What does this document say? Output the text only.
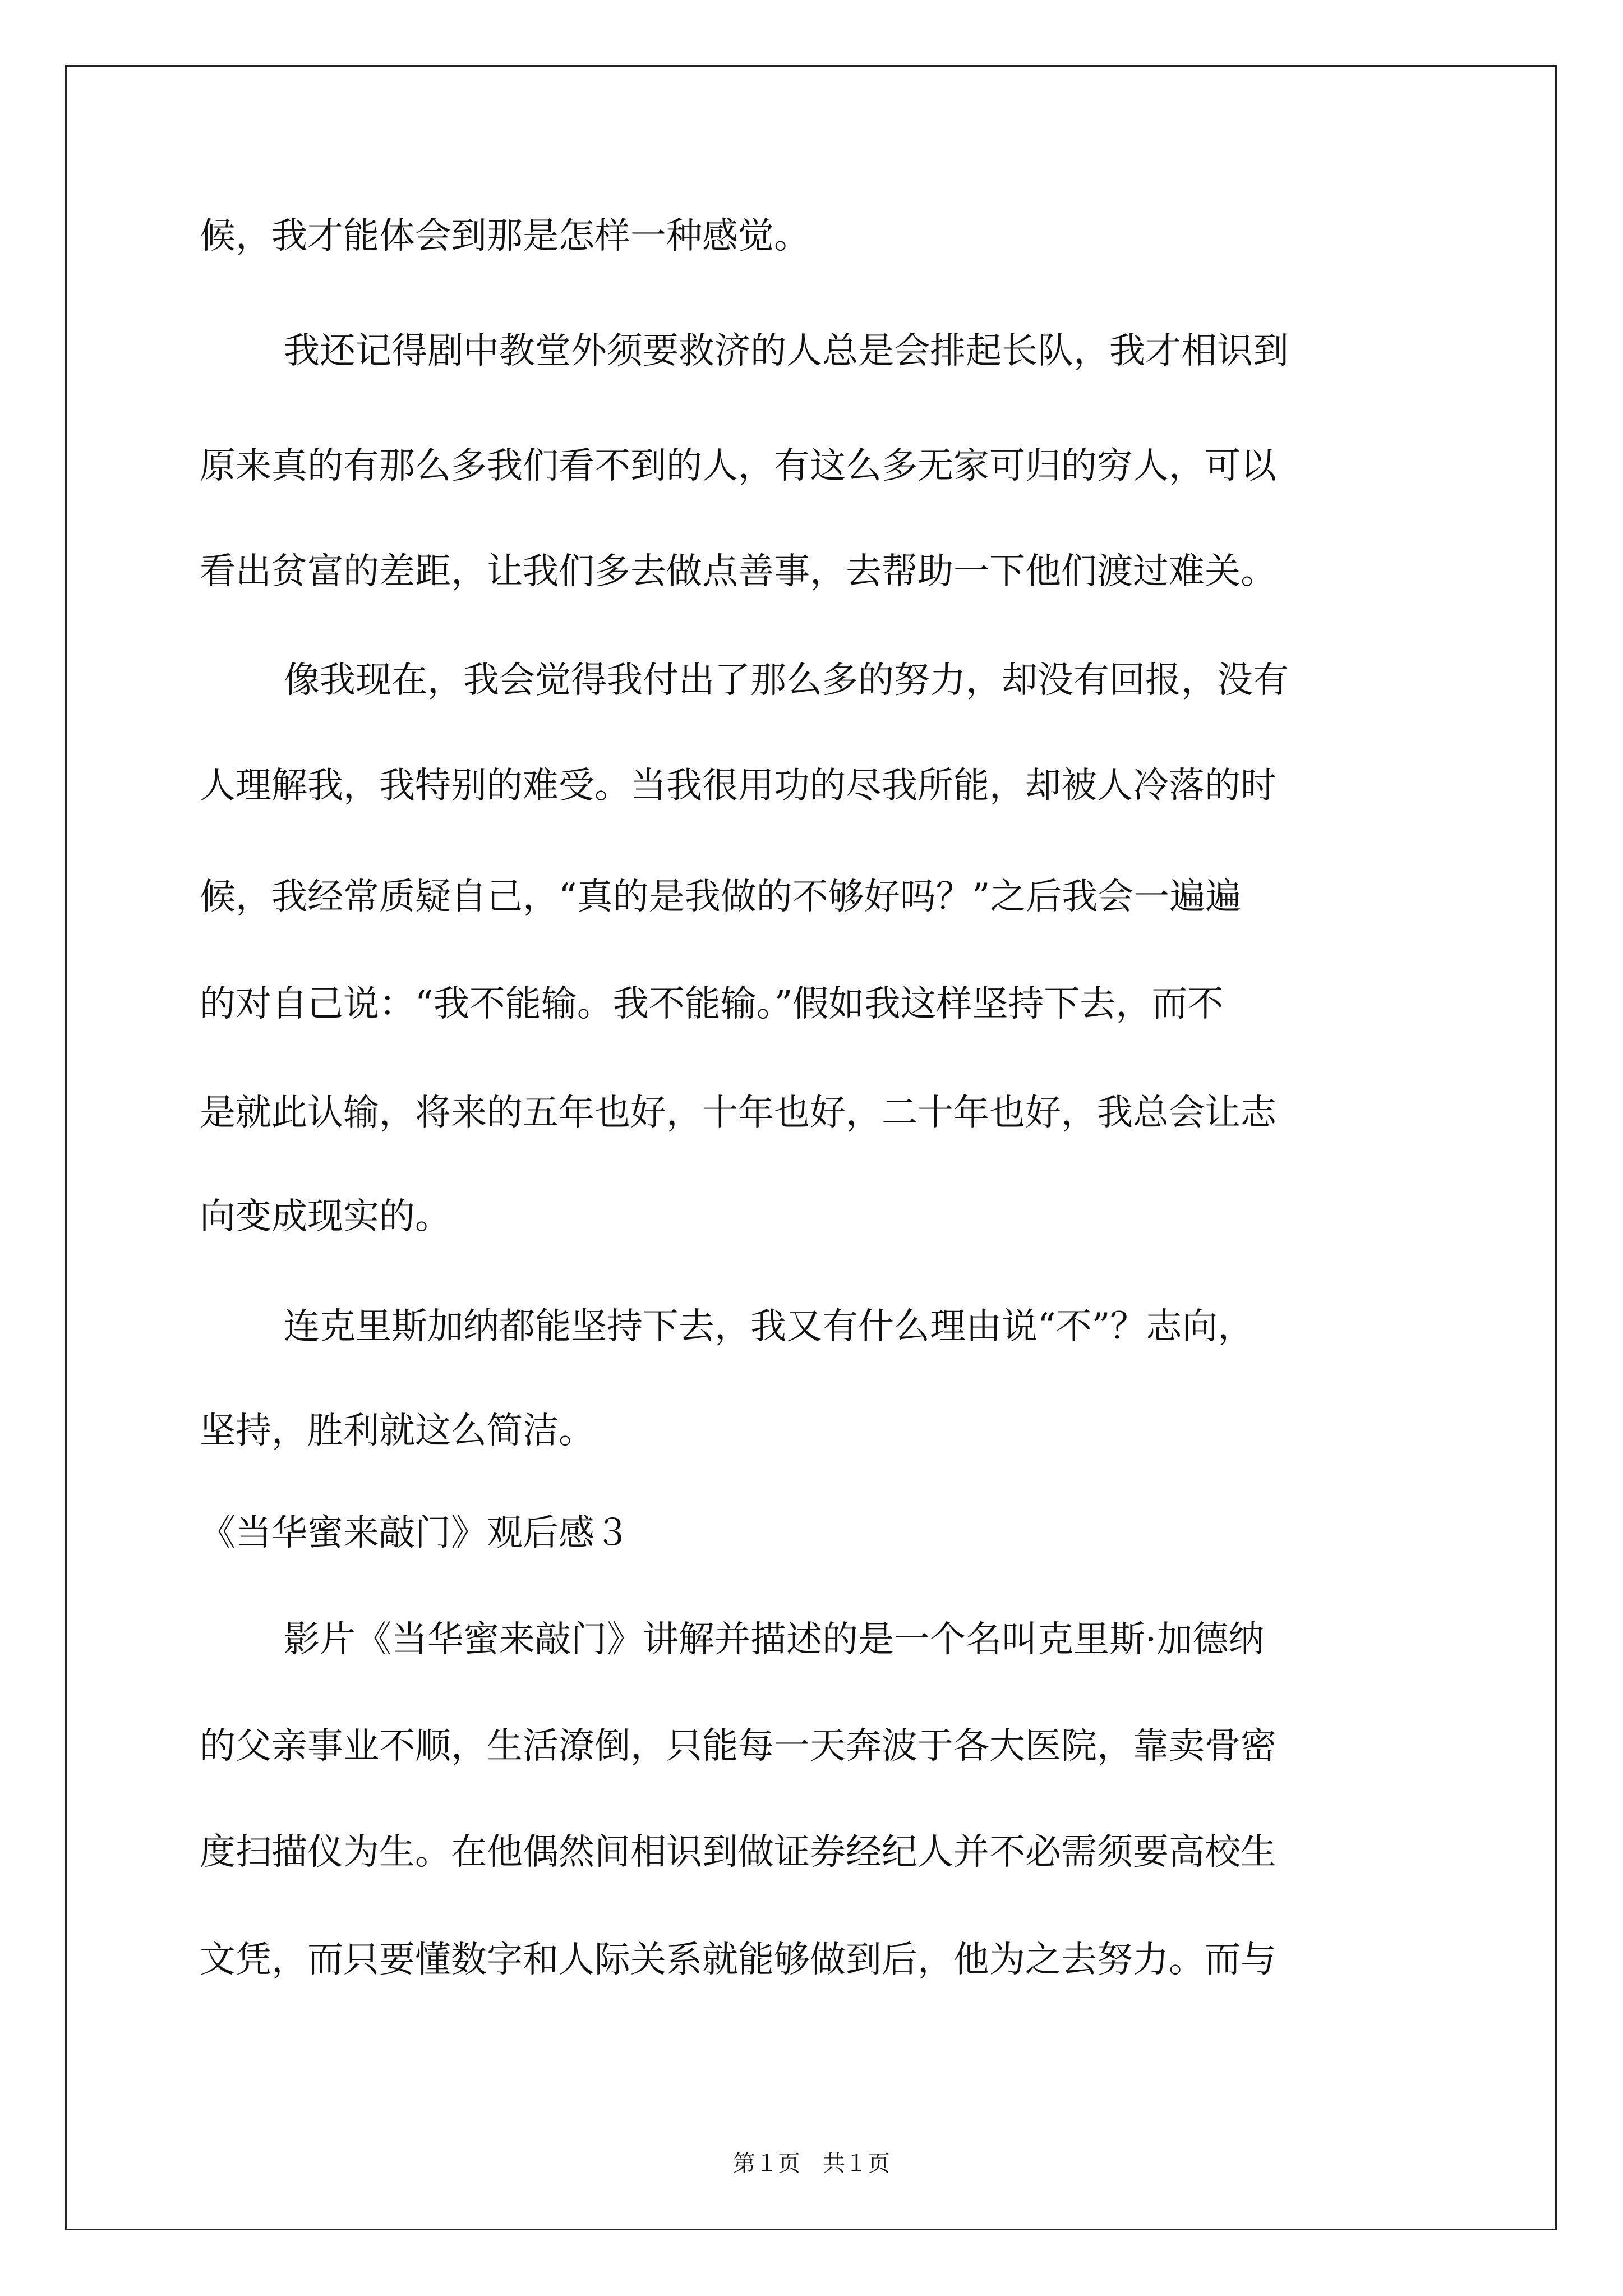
候，我才能体会到那是怎样一种感觉。
我还记得剧中教堂外须要救济的人总是会排起长队，我才相识到
原来真的有那么多我们看不到的人，有这么多无家可归的穷人，可以
看出贫富的差距，让我们多去做点善事，去帮助一下他们渡过难关。
像我现在，我会觉得我付出了那么多的努力，却没有回报，没有
人理解我，我特别的难受。当我很用功的尽我所能，却被人冷落的时
候，我经常质疑自己，“真的是我做的不够好吗？”之后我会一遍遍
的对自己说：“我不能输。我不能输。”假如我这样坚持下去，而不
是就此认输，将来的五年也好，十年也好，二十年也好，我总会让志
向变成现实的。
连克里斯加纳都能坚持下去，我又有什么理由说“不”？志向，
坚持，胜利就这么简洁。
《当华蜜来敲门》观后感３
影片《当华蜜来敲门》讲解并描述的是一个名叫克里斯·加德纳
的父亲事业不顺，生活潦倒，只能每一天奔波于各大医院，靠卖骨密
度扫描仪为生。在他偶然间相识到做证券经纪人并不必需须要高校生
文凭，而只要懂数字和人际关系就能够做到后，他为之去努力。而与
第１页　共１页
